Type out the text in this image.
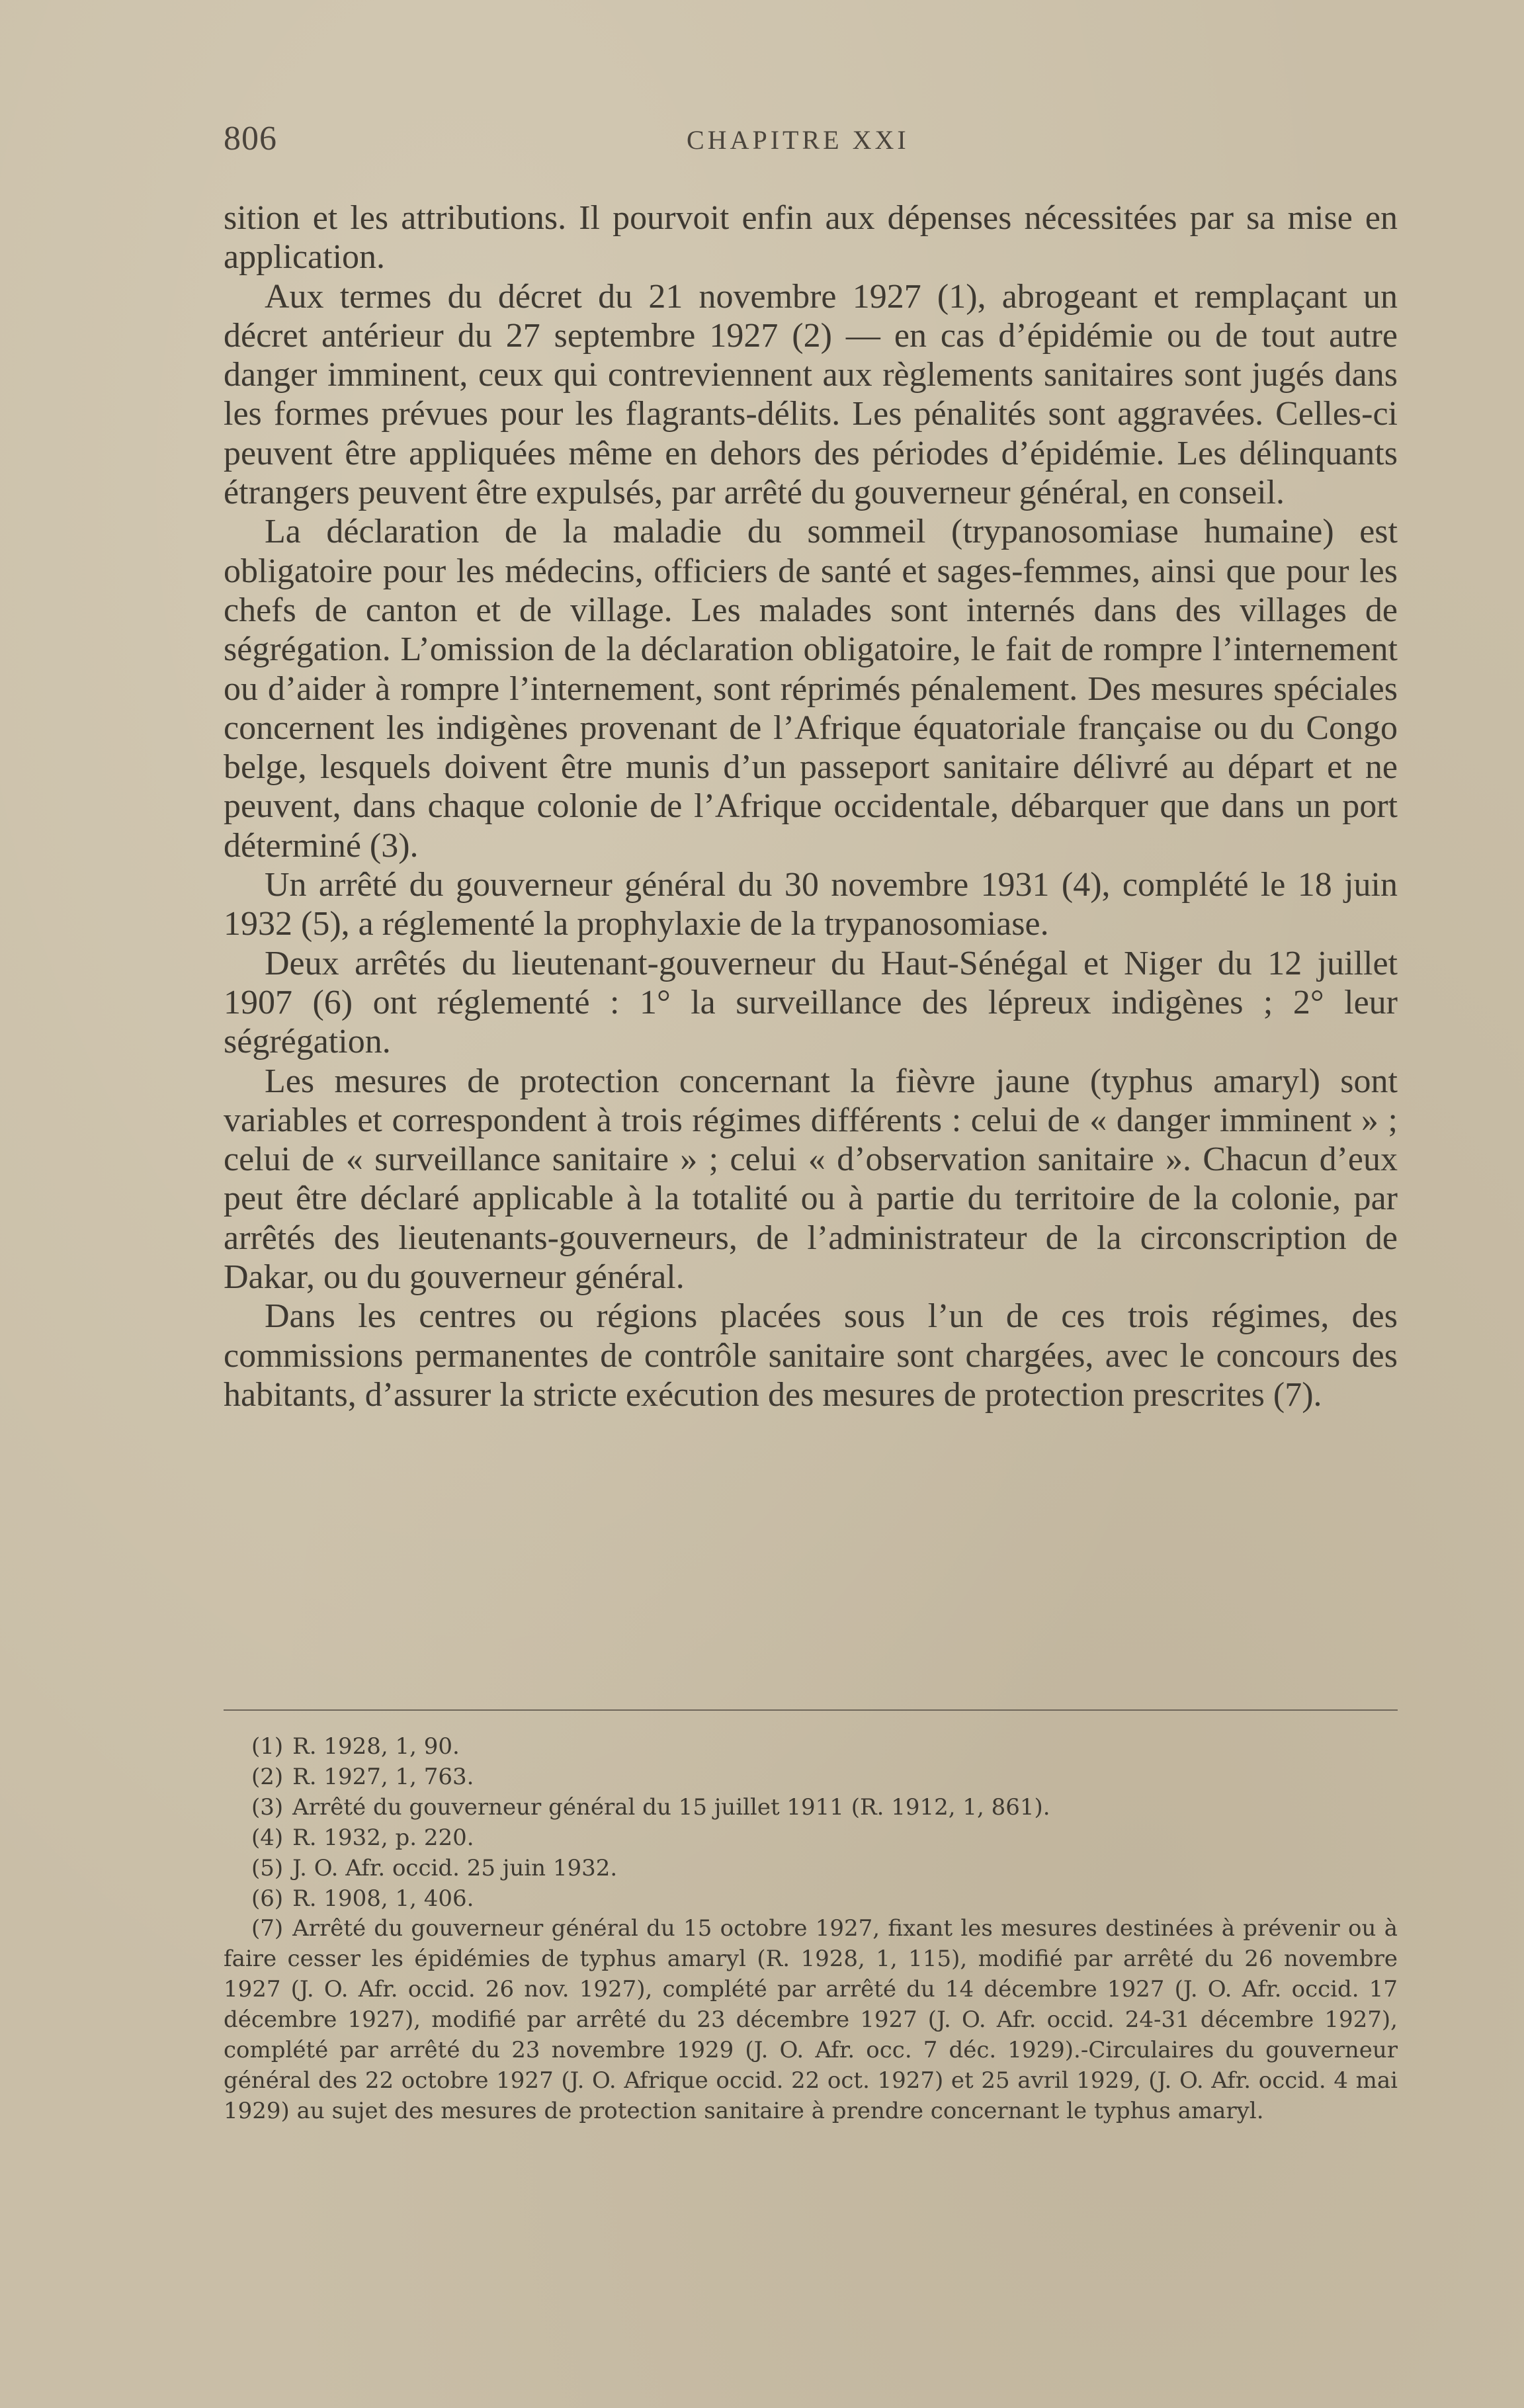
806	CHAPITRE XXI

sition et les attributions. Il pourvoit enfin aux dépenses nécessitées par sa mise en application.

Aux termes du décret du 21 novembre 1927 (1), abrogeant et remplaçant un décret antérieur du 27 septembre 1927 (2) — en cas d’épidémie ou de tout autre danger imminent, ceux qui contreviennent aux règlements sanitaires sont jugés dans les formes prévues pour les flagrants-délits. Les pénalités sont aggravées. Celles-ci peuvent être appliquées même en dehors des périodes d’épidémie. Les délinquants étrangers peuvent être expulsés, par arrêté du gouverneur général, en conseil.

La déclaration de la maladie du sommeil (trypanosomiase humaine) est obligatoire pour les médecins, officiers de santé et sages-femmes, ainsi que pour les chefs de canton et de village. Les malades sont internés dans des villages de ségrégation. L’omission de la déclaration obligatoire, le fait de rompre l’internement ou d’aider à rompre l’internement, sont réprimés pénalement. Des mesures spéciales concernent les indigènes provenant de l’Afrique équatoriale française ou du Congo belge, lesquels doivent être munis d’un passeport sanitaire délivré au départ et ne peuvent, dans chaque colonie de l’Afrique occidentale, débarquer que dans un port déterminé (3).

Un arrêté du gouverneur général du 30 novembre 1931 (4), complété le 18 juin 1932 (5), a réglementé la prophylaxie de la trypanosomiase.

Deux arrêtés du lieutenant-gouverneur du Haut-Sénégal et Niger du 12 juillet 1907 (6) ont réglementé : 1° la surveillance des lépreux indigènes ; 2° leur ségrégation.

Les mesures de protection concernant la fièvre jaune (typhus amaryl) sont variables et correspondent à trois régimes différents : celui de « danger imminent » ; celui de « surveillance sanitaire » ; celui « d’observation sanitaire ». Chacun d’eux peut être déclaré applicable à la totalité ou à partie du territoire de la colonie, par arrêtés des lieutenants-gouverneurs, de l’administrateur de la circonscription de Dakar, ou du gouverneur général.

Dans les centres ou régions placées sous l’un de ces trois régimes, des commissions permanentes de contrôle sanitaire sont chargées, avec le concours des habitants, d’assurer la stricte exécution des mesures de protection prescrites (7).

(1) R. 1928, 1, 90.

(2) R. 1927, 1, 763.

(3) Arrêté du gouverneur général du 15 juillet 1911 (R. 1912, 1, 861).

(4) R. 1932, p. 220.

(5) J. O. Afr. occid. 25 juin 1932.

(6) R. 1908, 1, 406.

(7) Arrêté du gouverneur général du 15 octobre 1927, fixant les mesures destinées à prévenir ou à faire cesser les épidémies de typhus amaryl (R. 1928, 1, 115), modifié par arrêté du 26 novembre 1927 (J. O. Afr. occid. 26 nov. 1927), complété par arrêté du 14 décembre 1927 (J. O. Afr. occid. 17 décembre 1927), modifié par arrêté du 23 décembre 1927 (J. O. Afr. occid. 24-31 décembre 1927), complété par arrêté du 23 novembre 1929 (J. O. Afr. occ. 7 déc. 1929).-Circulaires du gouverneur général des 22 octobre 1927 (J. O. Afrique occid. 22 oct. 1927) et 25 avril 1929, (J. O. Afr. occid. 4 mai 1929) au sujet des mesures de protection sanitaire à prendre concernant le typhus amaryl.
